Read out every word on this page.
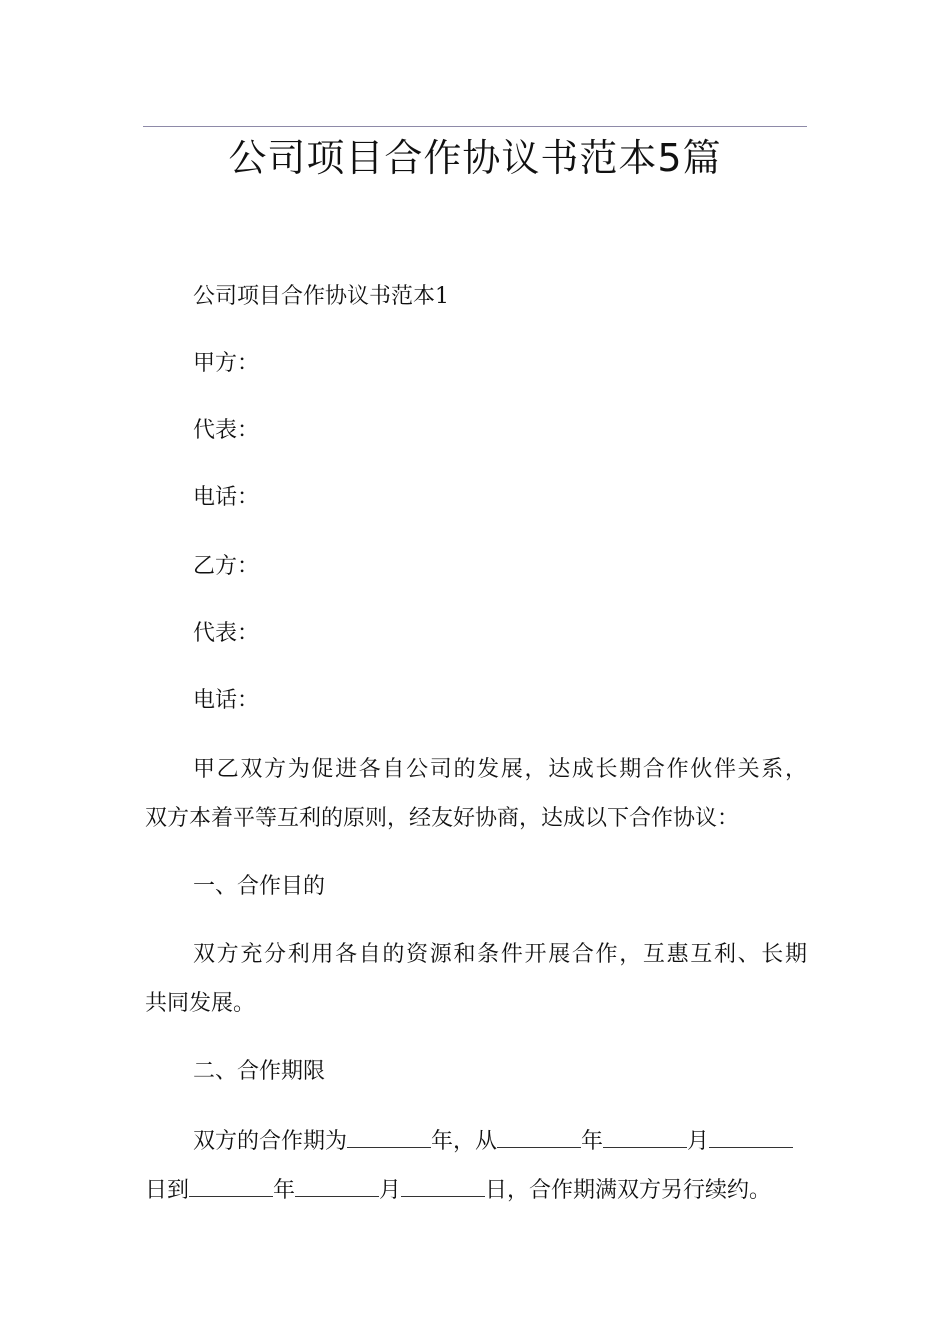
公司项目合作协议书范本5篇

公司项目合作协议书范本1

甲方：

代表：

电话：

乙方：

代表：

电话：

甲乙双方为促进各自公司的发展，达成长期合作伙伴关系，

双方本着平等互利的原则，经友好协商，达成以下合作协议：

一、合作目的

双方充分利用各自的资源和条件开展合作，互惠互利、长期

共同发展。

二、合作期限

双方的合作期为	年，从	年	月

日到	年	月	日，合作期满双方另行续约。
